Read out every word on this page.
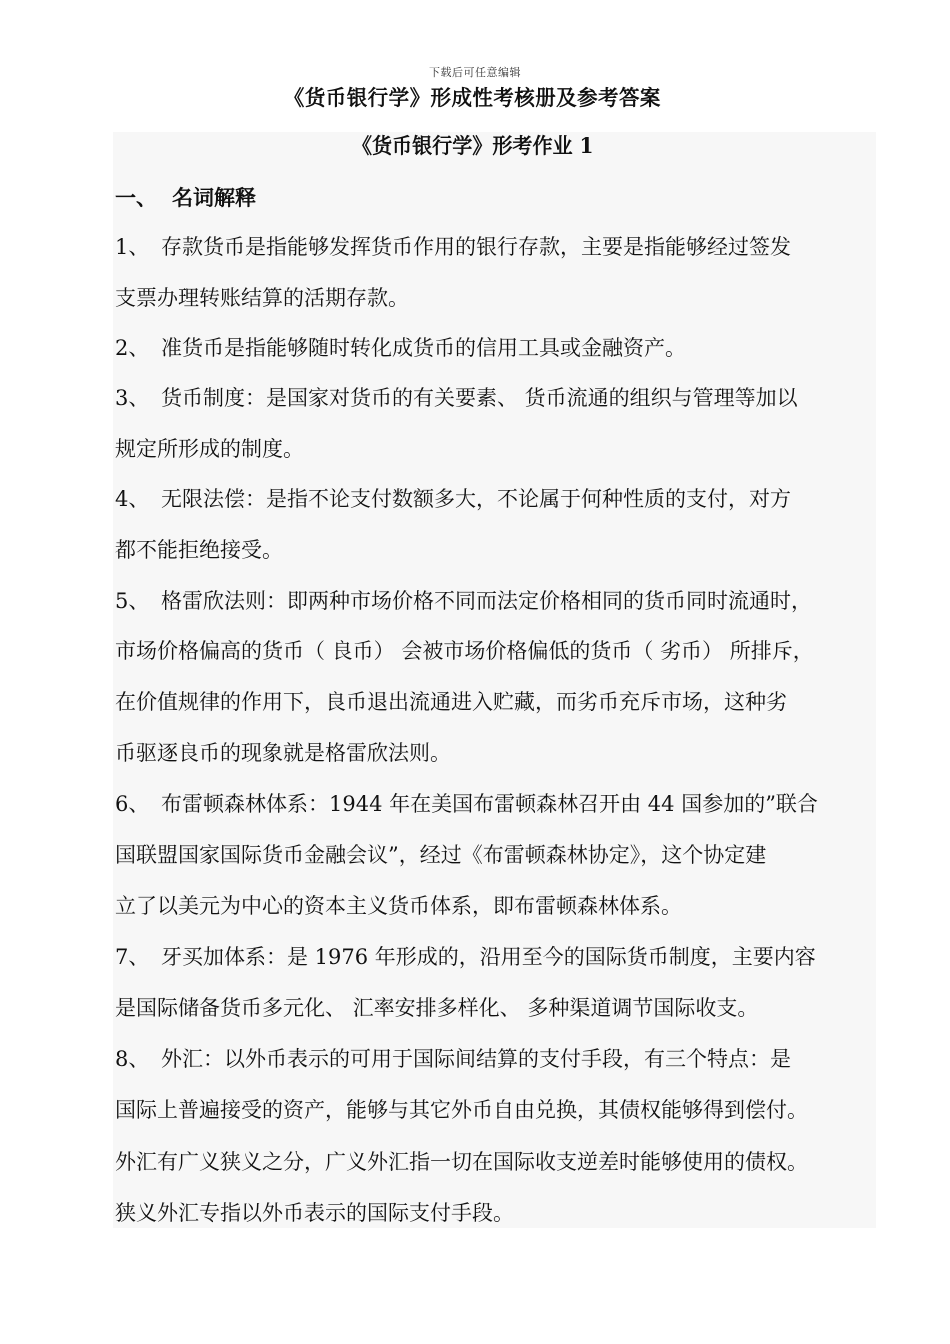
下载后可任意编辑
《货币银行学》形成性考核册及参考答案
《货币银行学》形考作业 1
一、 名词解释
1、 存款货币是指能够发挥货币作用的银行存款，主要是指能够经过签发
支票办理转账结算的活期存款。
2、 准货币是指能够随时转化成货币的信用工具或金融资产。
3、 货币制度：是国家对货币的有关要素、 货币流通的组织与管理等加以
规定所形成的制度。
4、 无限法偿：是指不论支付数额多大，不论属于何种性质的支付，对方
都不能拒绝接受。
5、 格雷欣法则：即两种市场价格不同而法定价格相同的货币同时流通时，
市场价格偏高的货币（ 良币） 会被市场价格偏低的货币（ 劣币） 所排斥，
在价值规律的作用下，良币退出流通进入贮藏，而劣币充斥市场，这种劣
币驱逐良币的现象就是格雷欣法则。
6、 布雷顿森林体系：1944 年在美国布雷顿森林召开由 44 国参加的”联合
国联盟国家国际货币金融会议”，经过《布雷顿森林协定》，这个协定建
立了以美元为中心的资本主义货币体系，即布雷顿森林体系。
7、 牙买加体系：是 1976 年形成的，沿用至今的国际货币制度，主要内容
是国际储备货币多元化、 汇率安排多样化、 多种渠道调节国际收支。
8、 外汇：以外币表示的可用于国际间结算的支付手段，有三个特点：是
国际上普遍接受的资产，能够与其它外币自由兑换，其债权能够得到偿付。
外汇有广义狭义之分，广义外汇指一切在国际收支逆差时能够使用的债权。
狭义外汇专指以外币表示的国际支付手段。
